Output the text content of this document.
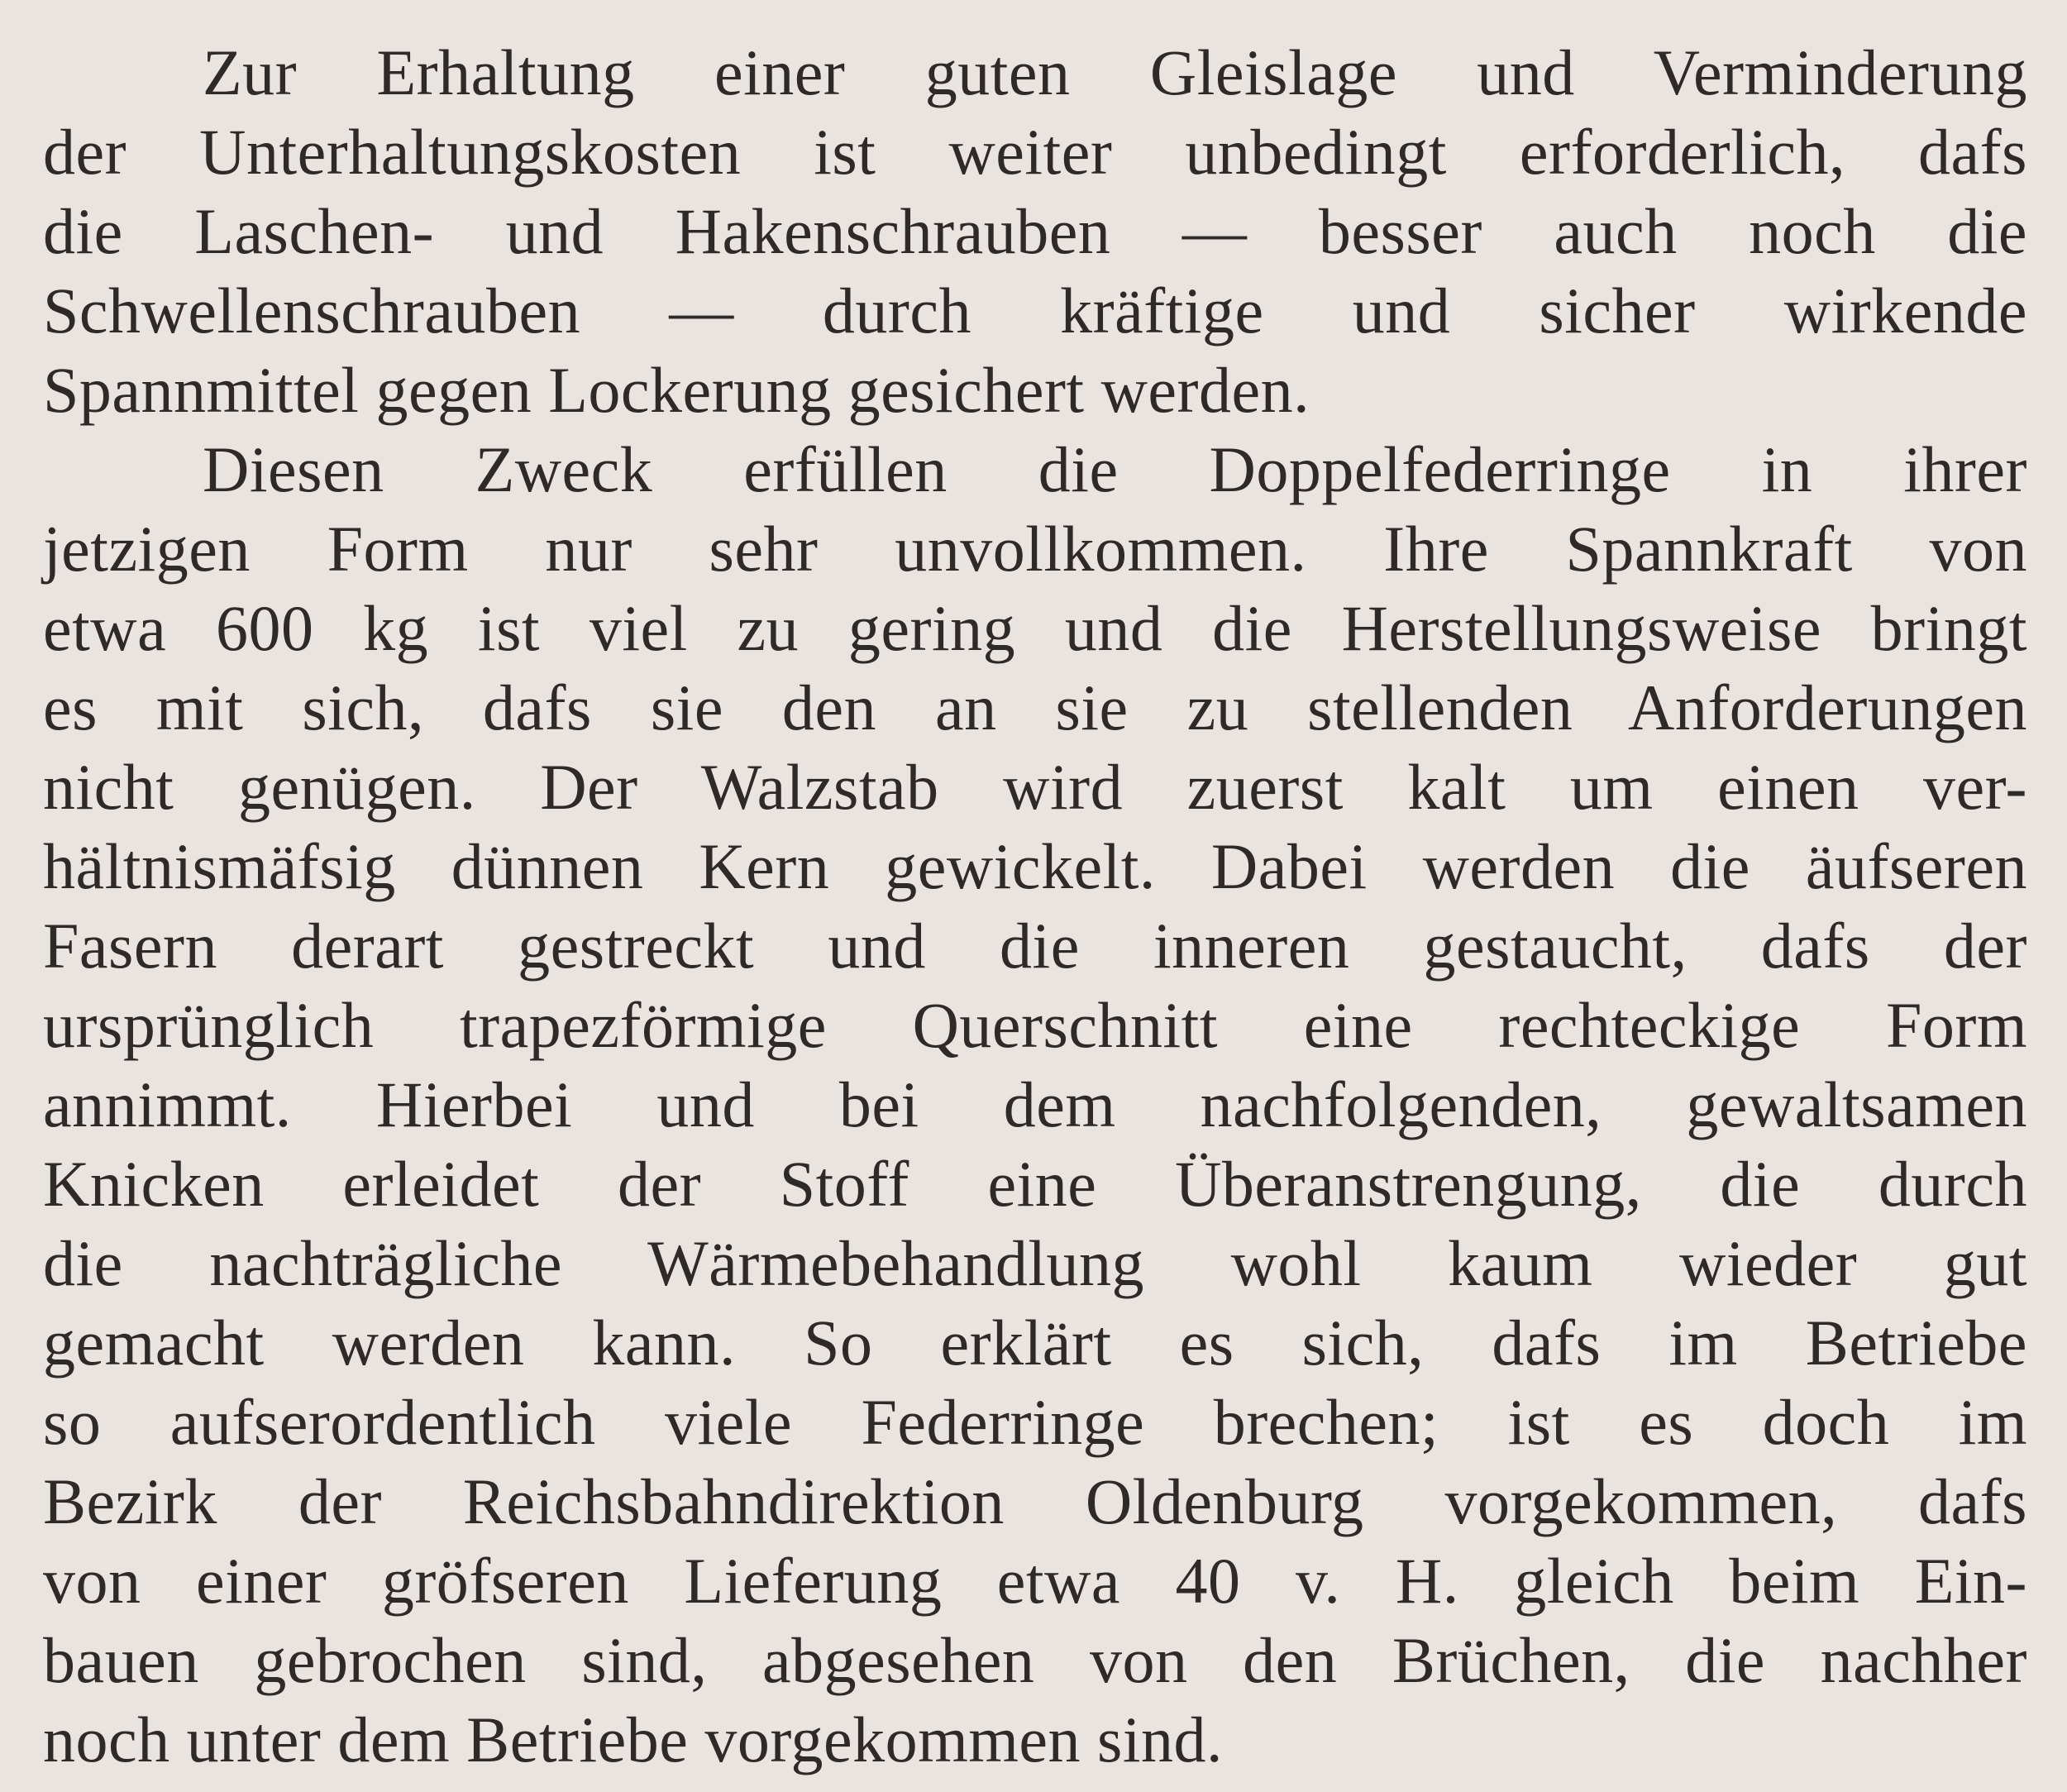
Zur Erhaltung einer guten Gleislage und Verminderung
der Unterhaltungskosten ist weiter unbedingt erforderlich, dafs
die Laschen- und Hakenschrauben — besser auch noch die
Schwellenschrauben — durch kräftige und sicher wirkende
Spannmittel gegen Lockerung gesichert werden.
Diesen Zweck erfüllen die Doppelfederringe in ihrer
jetzigen Form nur sehr unvollkommen. Ihre Spannkraft von
etwa 600 kg ist viel zu gering und die Herstellungsweise bringt
es mit sich, dafs sie den an sie zu stellenden Anforderungen
nicht genügen. Der Walzstab wird zuerst kalt um einen ver-
hältnismäfsig dünnen Kern gewickelt. Dabei werden die äufseren
Fasern derart gestreckt und die inneren gestaucht, dafs der
ursprünglich trapezförmige Querschnitt eine rechteckige Form
annimmt. Hierbei und bei dem nachfolgenden, gewaltsamen
Knicken erleidet der Stoff eine Überanstrengung, die durch
die nachträgliche Wärmebehandlung wohl kaum wieder gut
gemacht werden kann. So erklärt es sich, dafs im Betriebe
so aufserordentlich viele Federringe brechen; ist es doch im
Bezirk der Reichsbahndirektion Oldenburg vorgekommen, dafs
von einer gröfseren Lieferung etwa 40 v. H. gleich beim Ein-
bauen gebrochen sind, abgesehen von den Brüchen, die nachher
noch unter dem Betriebe vorgekommen sind.
